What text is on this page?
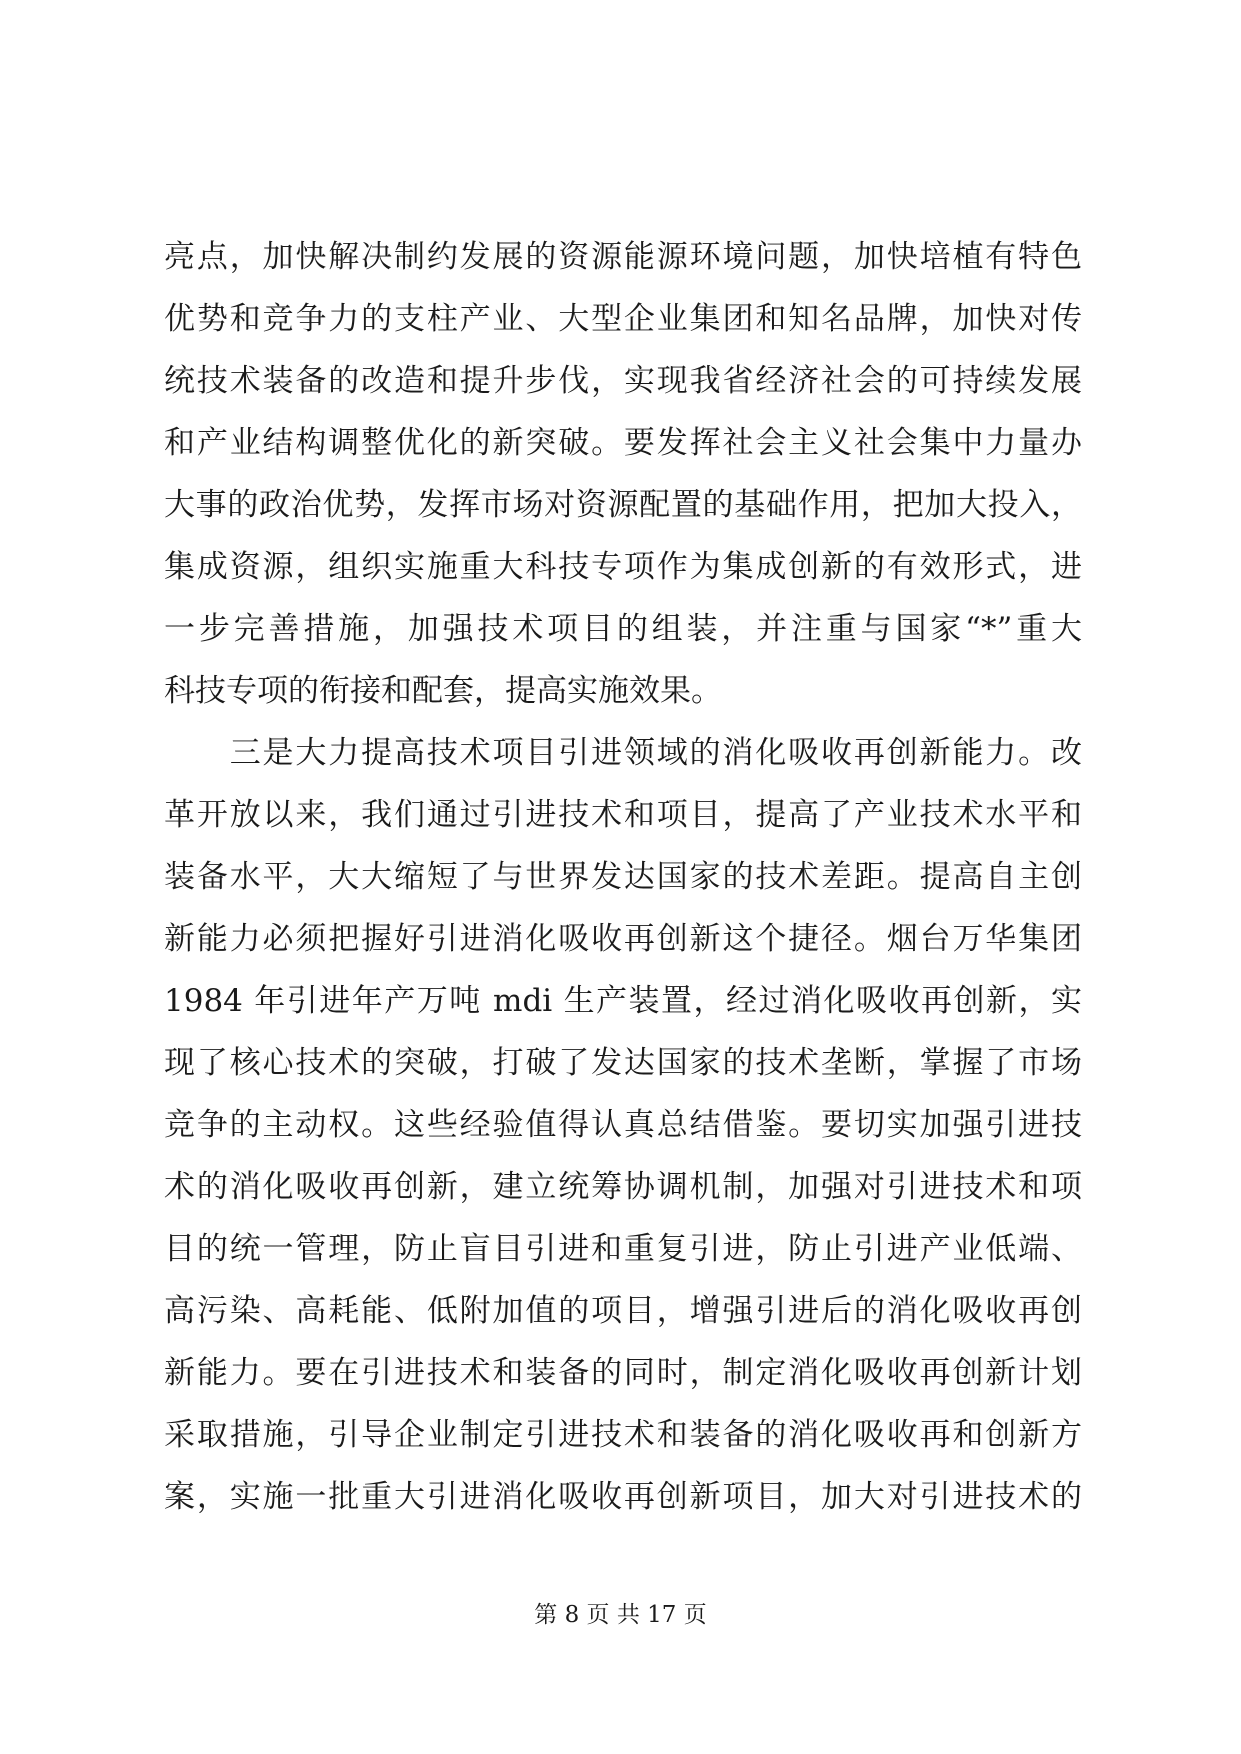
亮点，加快解决制约发展的资源能源环境问题，加快培植有特色
优势和竞争力的支柱产业、大型企业集团和知名品牌，加快对传
统技术装备的改造和提升步伐，实现我省经济社会的可持续发展
和产业结构调整优化的新突破。要发挥社会主义社会集中力量办
大事的政治优势，发挥市场对资源配置的基础作用，把加大投入，
集成资源，组织实施重大科技专项作为集成创新的有效形式，进
一步完善措施，加强技术项目的组装，并注重与国家“*”重大
科技专项的衔接和配套，提高实施效果。
　　三是大力提高技术项目引进领域的消化吸收再创新能力。改
革开放以来，我们通过引进技术和项目，提高了产业技术水平和
装备水平，大大缩短了与世界发达国家的技术差距。提高自主创
新能力必须把握好引进消化吸收再创新这个捷径。烟台万华集团
1984 年引进年产万吨 mdi 生产装置，经过消化吸收再创新，实
现了核心技术的突破，打破了发达国家的技术垄断，掌握了市场
竞争的主动权。这些经验值得认真总结借鉴。要切实加强引进技
术的消化吸收再创新，建立统筹协调机制，加强对引进技术和项
目的统一管理，防止盲目引进和重复引进，防止引进产业低端、
高污染、高耗能、低附加值的项目，增强引进后的消化吸收再创
新能力。要在引进技术和装备的同时，制定消化吸收再创新计划
采取措施，引导企业制定引进技术和装备的消化吸收再和创新方
案，实施一批重大引进消化吸收再创新项目，加大对引进技术的
第 8 页 共 17 页
